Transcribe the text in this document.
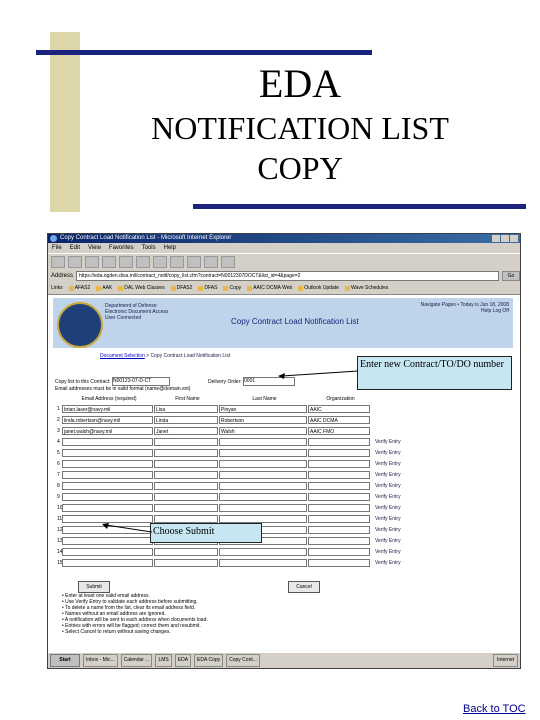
EDA
NOTIFICATION LIST
COPY
Copy Contract Load Notification List - Microsoft Internet Explorer
File Edit View Favorites Tools Help
Address	https://eda.ogden.disa.mil/contract_notif/copy_list.cfm?contract=N0012307DOCT&list_id=4&page=2	Go
Links AFAS2 AAK DAL Web Classes DFAS2 DFAS Copy AAIC DCMA Web Outlook Update Wave Schedules
Department of Defense
Electronic Document Access
User Connected	Copy Contract Load Notification List
Navigate Pages • Today is Jun 18, 2008
Help Log Off
Document Selection > Copy Contract Load Notification List
Copy list to this Contract: N00123-07-D-CT	Delivery Order: 0001
Email addresses must be in valid format (name@domain.ext)
Email Address (required)	First Name	Last Name	Organization
1 brian.laser@navy.mil	Lisa	Pinyan	AAIC
2 linda.robertson@navy.mil	Linda	Robertson	AAIC DCMA
3 janet.walsh@navy.mil	Janet	Walsh	AAIC FMO
4	Verify Entry
5	Verify Entry
6	Verify Entry
7	Verify Entry
8	Verify Entry
9	Verify Entry
10	Verify Entry
11	Verify Entry
12	Verify Entry
13	Verify Entry
14	Verify Entry
15	Verify Entry
Submit	Cancel
• Enter at least one valid email address.
• Use Verify Entry to validate each address before submitting.
• To delete a name from the list, clear its email address field.
• Names without an email address are ignored.
• A notification will be sent to each address when documents load.
• Entries with errors will be flagged; correct them and resubmit.
• Select Cancel to return without saving changes.
Start	Inbox - Mic...	Calendar ...	LMS	EDA	EDA Copy	Copy Cont...	Internet
Enter new Contract/TO/DO number
Choose Submit
Back to TOC
